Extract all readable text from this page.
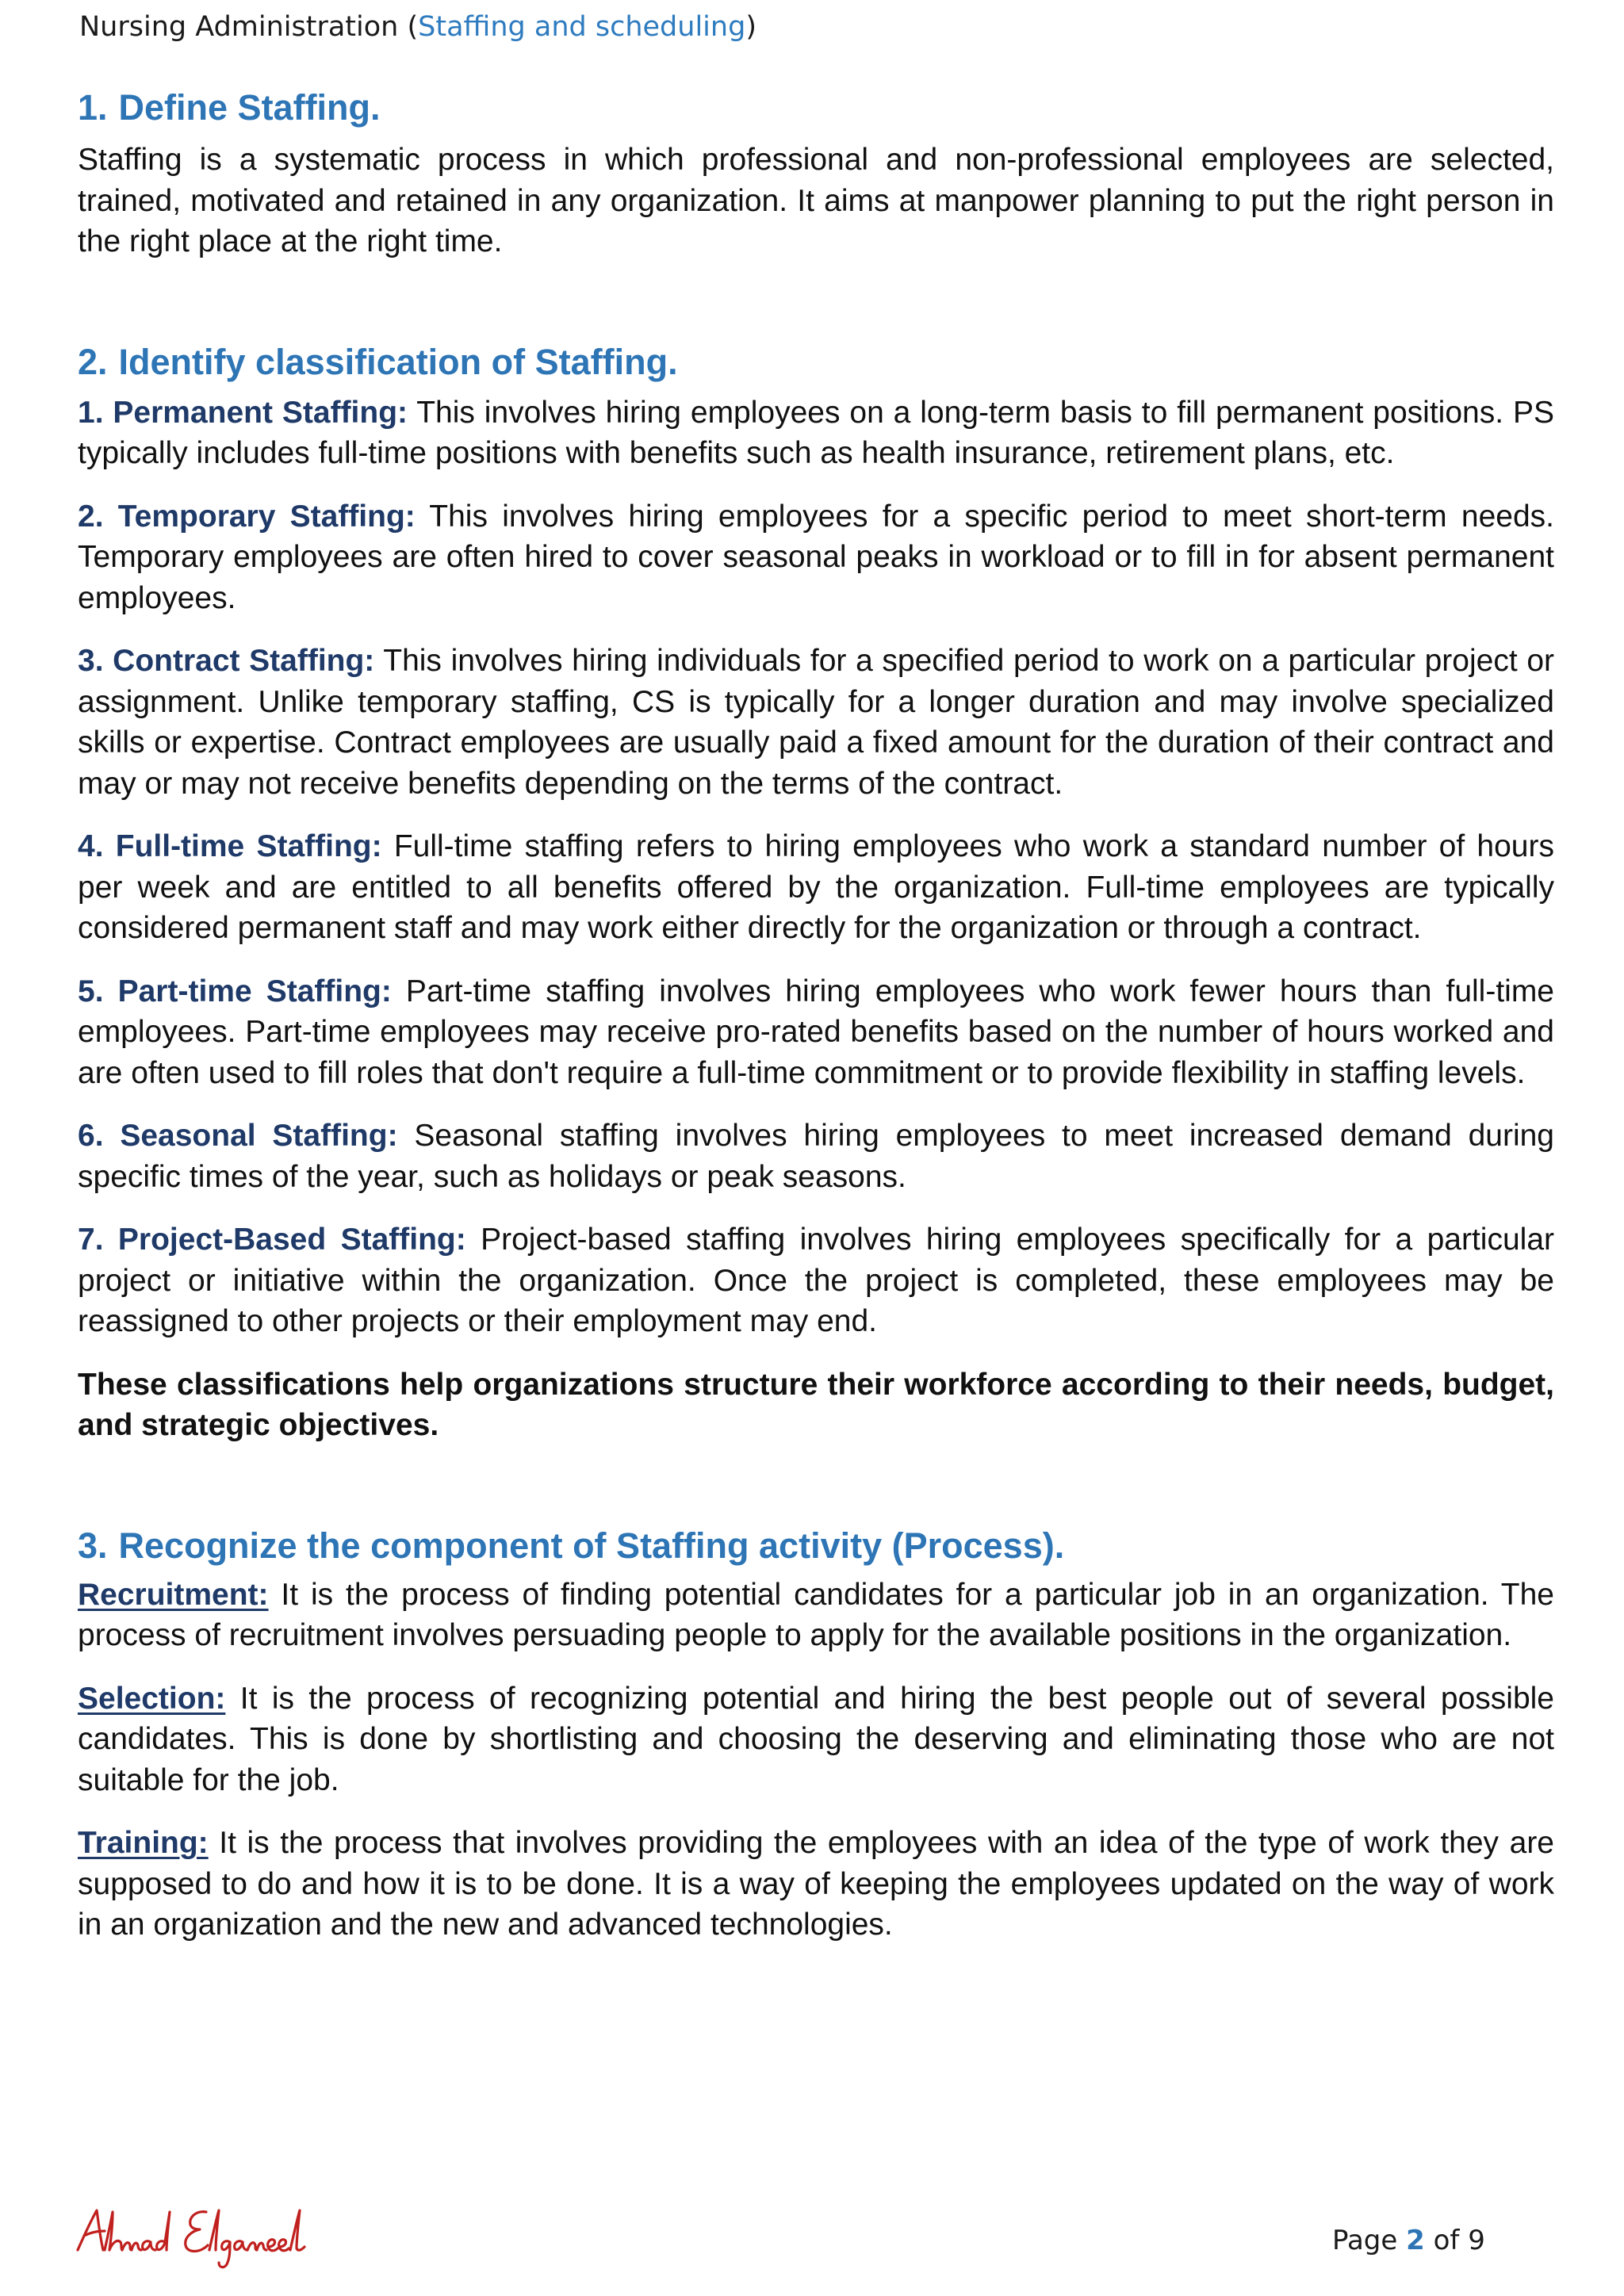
Nursing Administration (Staffing and scheduling)
1. Define Staffing.

Staffing is a systematic process in which professional and non-professional employees are selected, trained, motivated and retained in any organization. It aims at manpower planning to put the right person in the right place at the right time.

2. Identify classification of Staffing.

1. Permanent Staffing: This involves hiring employees on a long-term basis to fill permanent positions. PS typically includes full-time positions with benefits such as health insurance, retirement plans, etc.

2. Temporary Staffing: This involves hiring employees for a specific period to meet short-term needs. Temporary employees are often hired to cover seasonal peaks in workload or to fill in for absent permanent employees.

3. Contract Staffing: This involves hiring individuals for a specified period to work on a particular project or assignment. Unlike temporary staffing, CS is typically for a longer duration and may involve specialized skills or expertise. Contract employees are usually paid a fixed amount for the duration of their contract and may or may not receive benefits depending on the terms of the contract.

4. Full-time Staffing: Full-time staffing refers to hiring employees who work a standard number of hours per week and are entitled to all benefits offered by the organization. Full-time employees are typically considered permanent staff and may work either directly for the organization or through a contract.

5. Part-time Staffing: Part-time staffing involves hiring employees who work fewer hours than full-time employees. Part-time employees may receive pro-rated benefits based on the number of hours worked and are often used to fill roles that don't require a full-time commitment or to provide flexibility in staffing levels.

6. Seasonal Staffing: Seasonal staffing involves hiring employees to meet increased demand during specific times of the year, such as holidays or peak seasons.

7. Project-Based Staffing: Project-based staffing involves hiring employees specifically for a particular project or initiative within the organization. Once the project is completed, these employees may be reassigned to other projects or their employment may end.

These classifications help organizations structure their workforce according to their needs, budget, and strategic objectives.

3. Recognize the component of Staffing activity (Process).

Recruitment: It is the process of finding potential candidates for a particular job in an organization. The process of recruitment involves persuading people to apply for the available positions in the organization.

Selection: It is the process of recognizing potential and hiring the best people out of several possible candidates. This is done by shortlisting and choosing the deserving and eliminating those who are not suitable for the job.

Training: It is the process that involves providing the employees with an idea of the type of work they are supposed to do and how it is to be done. It is a way of keeping the employees updated on the way of work in an organization and the new and advanced technologies.

Page 2 of 9
